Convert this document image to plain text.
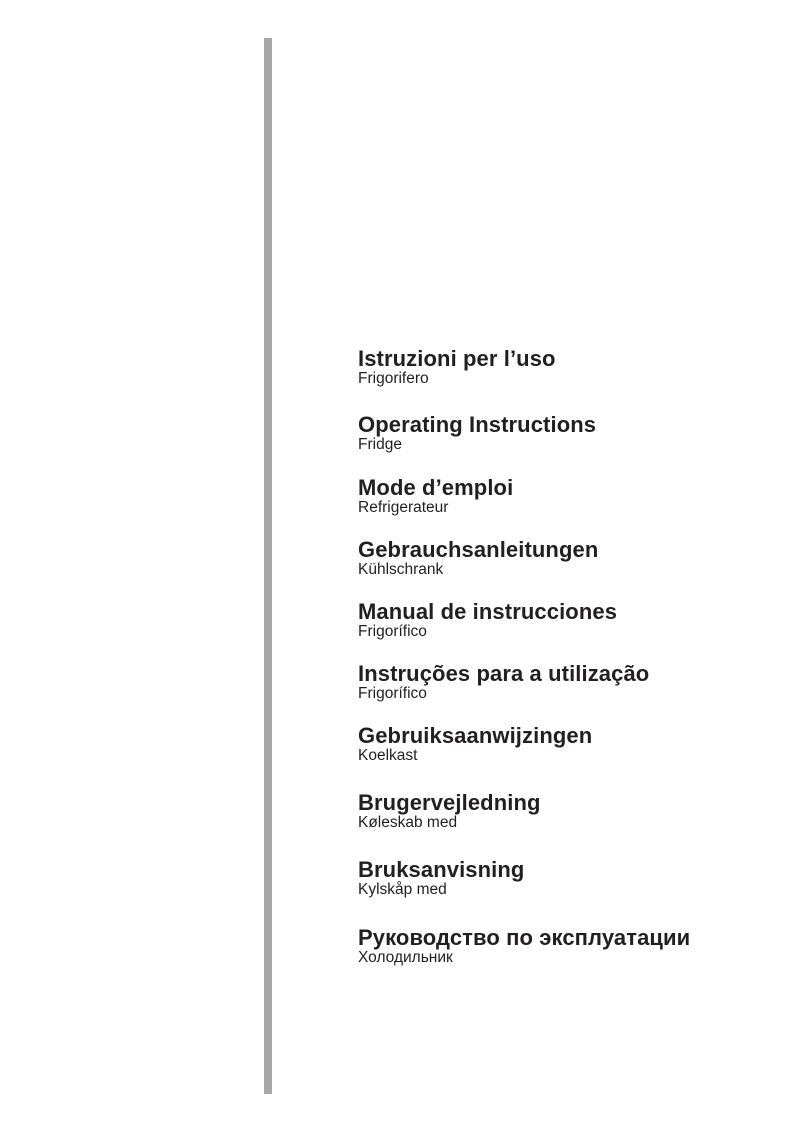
Istruzioni per l’uso
Frigorifero
Operating Instructions
Fridge
Mode d’emploi
Refrigerateur
Gebrauchsanleitungen
Kühlschrank
Manual de instrucciones
Frigorífico
Instruções para a utilização
Frigorífico
Gebruiksaanwijzingen
Koelkast
Brugervejledning
Køleskab med
Bruksanvisning
Kylskåp med
Руководство по эксплуатации
Холодильник
